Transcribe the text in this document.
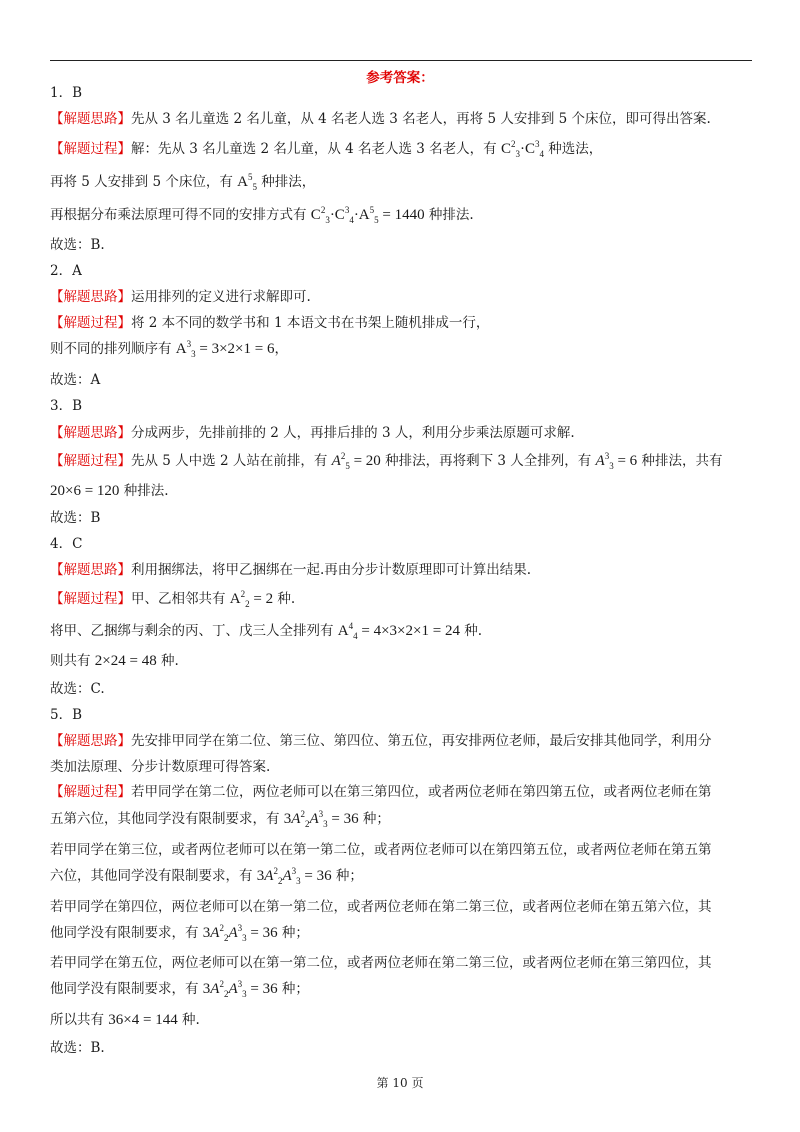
参考答案：
1．B
【解题思路】先从 3 名儿童选 2 名儿童，从 4 名老人选 3 名老人，再将 5 人安排到 5 个床位，即可得出答案.
【解题过程】解：先从 3 名儿童选 2 名儿童，从 4 名老人选 3 名老人，有 $C^2_3\cdot C^3_4$ 种选法，
再将 5 人安排到 5 个床位，有 $A^5_5$ 种排法，
再根据分布乘法原理可得不同的安排方式有 $C^2_3\cdot C^3_4\cdot A^5_5 = 1440$ 种排法.
故选：B.
2．A
【解题思路】运用排列的定义进行求解即可.
【解题过程】将 2 本不同的数学书和 1 本语文书在书架上随机排成一行，
则不同的排列顺序有 $A^3_3 = 3\times 2\times 1 = 6$，
故选：A
3．B
【解题思路】分成两步，先排前排的 2 人，再排后排的 3 人，利用分步乘法原题可求解.
【解题过程】先从 5 人中选 2 人站在前排，有 $A^2_5 = 20$ 种排法，再将剩下 3 人全排列，有 $A^3_3 = 6$ 种排法，共有
20×6 = 120 种排法.
故选：B
4．C
【解题思路】利用捆绑法，将甲乙捆绑在一起.再由分步计数原理即可计算出结果.
【解题过程】甲、乙相邻共有 $A^2_2 = 2$ 种.
将甲、乙捆绑与剩余的丙、丁、戊三人全排列有 $A^4_4 = 4\times 3\times 2\times 1 = 24$ 种.
则共有 2×24 = 48 种.
故选：C.
5．B
【解题思路】先安排甲同学在第二位、第三位、第四位、第五位，再安排两位老师，最后安排其他同学，利用分
类加法原理、分步计数原理可得答案.
【解题过程】若甲同学在第二位，两位老师可以在第三第四位，或者两位老师在第四第五位，或者两位老师在第
五第六位，其他同学没有限制要求，有 $3A^2_2A^3_3 = 36$ 种；
若甲同学在第三位，或者两位老师可以在第一第二位，或者两位老师可以在第四第五位，或者两位老师在第五第
六位，其他同学没有限制要求，有 $3A^2_2A^3_3 = 36$ 种；
若甲同学在第四位，两位老师可以在第一第二位，或者两位老师在第二第三位，或者两位老师在第五第六位，其
他同学没有限制要求，有 $3A^2_2A^3_3 = 36$ 种；
若甲同学在第五位，两位老师可以在第一第二位，或者两位老师在第二第三位，或者两位老师在第三第四位，其
他同学没有限制要求，有 $3A^2_2A^3_3 = 36$ 种；
所以共有 36×4 = 144 种.
故选：B.
第 10 页
